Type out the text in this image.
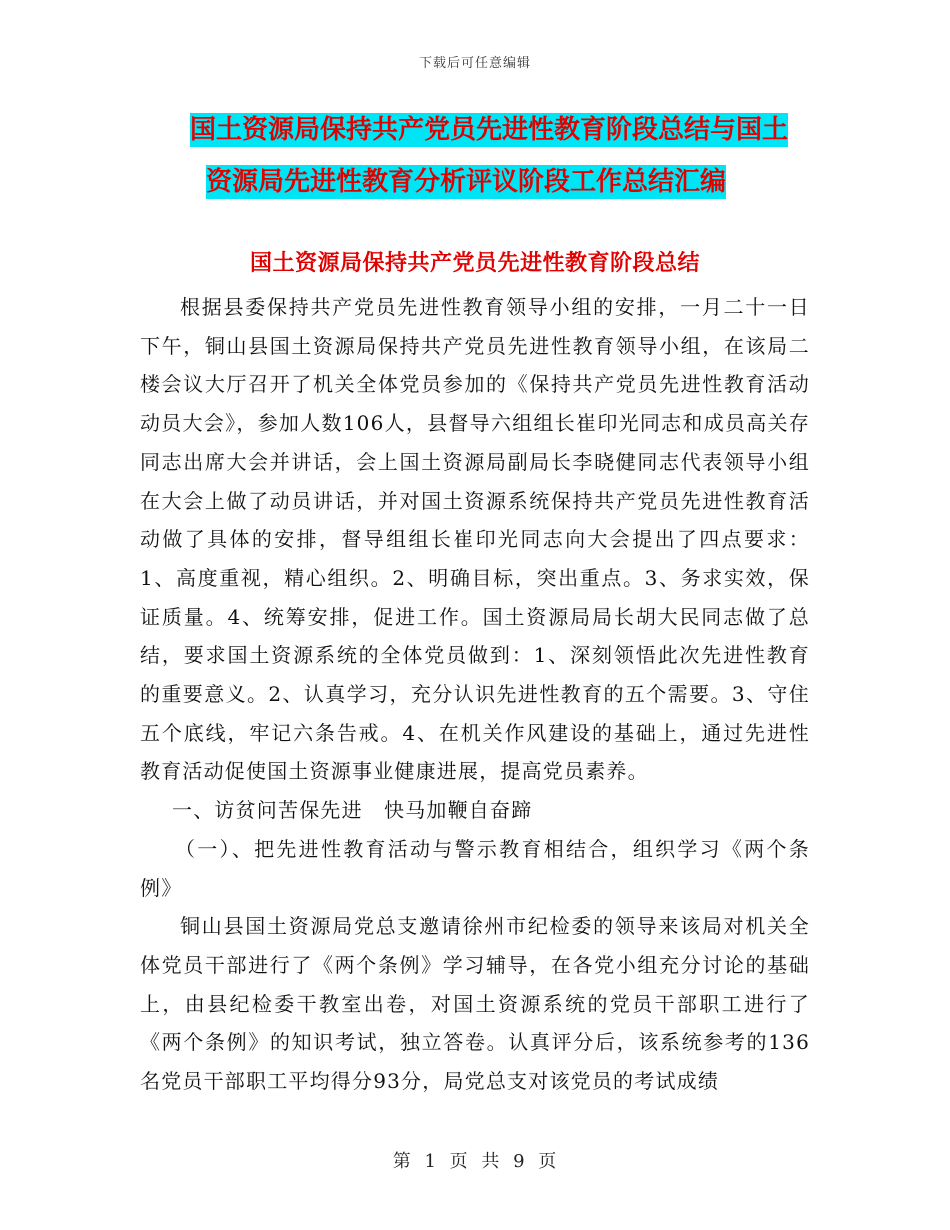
下载后可任意编辑
国土资源局保持共产党员先进性教育阶段总结与国土
资源局先进性教育分析评议阶段工作总结汇编
国土资源局保持共产党员先进性教育阶段总结

根据县委保持共产党员先进性教育领导小组的安排，一月二十一日下午，铜山县国土资源局保持共产党员先进性教育领导小组，在该局二楼会议大厅召开了机关全体党员参加的《保持共产党员先进性教育活动动员大会》，参加人数106人，县督导六组组长崔印光同志和成员高关存同志出席大会并讲话，会上国土资源局副局长李晓健同志代表领导小组在大会上做了动员讲话，并对国土资源系统保持共产党员先进性教育活动做了具体的安排，督导组组长崔印光同志向大会提出了四点要求：1、高度重视，精心组织。2、明确目标，突出重点。3、务求实效，保证质量。4、统筹安排，促进工作。国土资源局局长胡大民同志做了总结，要求国土资源系统的全体党员做到：1、深刻领悟此次先进性教育的重要意义。2、认真学习，充分认识先进性教育的五个需要。3、守住五个底线，牢记六条告戒。4、在机关作风建设的基础上，通过先进性教育活动促使国土资源事业健康进展，提高党员素养。

一、访贫问苦保先进　快马加鞭自奋蹄

（一）、把先进性教育活动与警示教育相结合，组织学习《两个条例》

铜山县国土资源局党总支邀请徐州市纪检委的领导来该局对机关全体党员干部进行了《两个条例》学习辅导，在各党小组充分讨论的基础上，由县纪检委干教室出卷，对国土资源系统的党员干部职工进行了《两个条例》的知识考试，独立答卷。认真评分后，该系统参考的136名党员干部职工平均得分93分，局党总支对该党员的考试成绩

第 1 页 共 9 页
